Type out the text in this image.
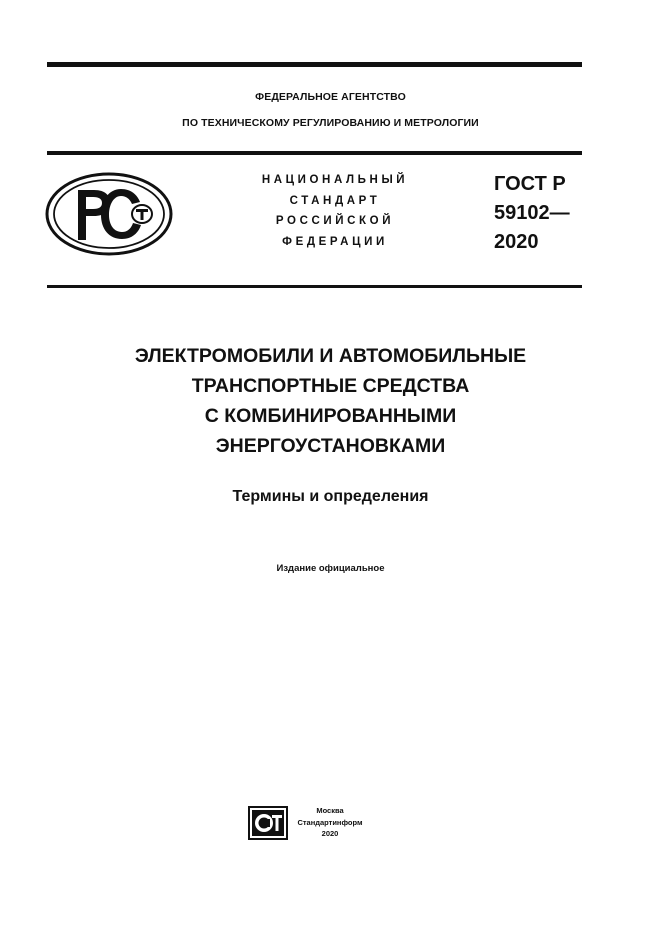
ФЕДЕРАЛЬНОЕ АГЕНТСТВО
ПО ТЕХНИЧЕСКОМУ РЕГУЛИРОВАНИЮ И МЕТРОЛОГИИ
НАЦИОНАЛЬНЫЙ
СТАНДАРТ
РОССИЙСКОЙ
ФЕДЕРАЦИИ
ГОСТ Р
59102—
2020
ЭЛЕКТРОМОБИЛИ И АВТОМОБИЛЬНЫЕ
ТРАНСПОРТНЫЕ СРЕДСТВА
С КОМБИНИРОВАННЫМИ
ЭНЕРГОУСТАНОВКАМИ
Термины и определения
Издание официальное
Москва
Стандартинформ
2020
